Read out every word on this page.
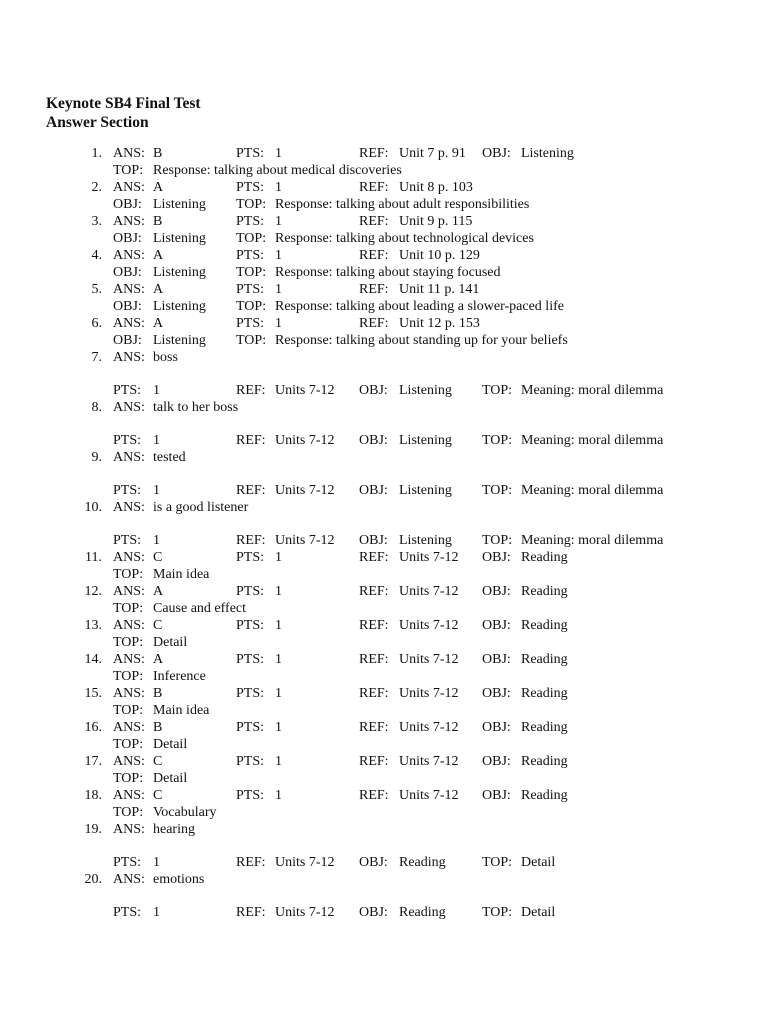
Keynote SB4 Final Test
Answer Section
1. ANS: B	PTS: 1	REF: Unit 7 p. 91 OBJ: Listening
TOP: Response: talking about medical discoveries
2. ANS: A	PTS: 1	REF: Unit 8 p. 103
OBJ: Listening TOP: Response: talking about adult responsibilities
3. ANS: B	PTS: 1	REF: Unit 9 p. 115
OBJ: Listening TOP: Response: talking about technological devices
4. ANS: A	PTS: 1	REF: Unit 10 p. 129
OBJ: Listening TOP: Response: talking about staying focused
5. ANS: A	PTS: 1	REF: Unit 11 p. 141
OBJ: Listening TOP: Response: talking about leading a slower-paced life
6. ANS: A	PTS: 1	REF: Unit 12 p. 153
OBJ: Listening TOP: Response: talking about standing up for your beliefs
7. ANS: boss
PTS: 1	REF: Units 7-12 OBJ: Listening TOP: Meaning: moral dilemma
8. ANS: talk to her boss
PTS: 1	REF: Units 7-12 OBJ: Listening TOP: Meaning: moral dilemma
9. ANS: tested
PTS: 1	REF: Units 7-12 OBJ: Listening TOP: Meaning: moral dilemma
10. ANS: is a good listener
PTS: 1	REF: Units 7-12 OBJ: Listening TOP: Meaning: moral dilemma
11. ANS: C	PTS: 1	REF: Units 7-12 OBJ: Reading
TOP: Main idea
12. ANS: A	PTS: 1	REF: Units 7-12 OBJ: Reading
TOP: Cause and effect
13. ANS: C	PTS: 1	REF: Units 7-12 OBJ: Reading
TOP: Detail
14. ANS: A	PTS: 1	REF: Units 7-12 OBJ: Reading
TOP: Inference
15. ANS: B	PTS: 1	REF: Units 7-12 OBJ: Reading
TOP: Main idea
16. ANS: B	PTS: 1	REF: Units 7-12 OBJ: Reading
TOP: Detail
17. ANS: C	PTS: 1	REF: Units 7-12 OBJ: Reading
TOP: Detail
18. ANS: C	PTS: 1	REF: Units 7-12 OBJ: Reading
TOP: Vocabulary
19. ANS: hearing
PTS: 1	REF: Units 7-12 OBJ: Reading	TOP: Detail
20. ANS: emotions
PTS: 1	REF: Units 7-12 OBJ: Reading	TOP: Detail
